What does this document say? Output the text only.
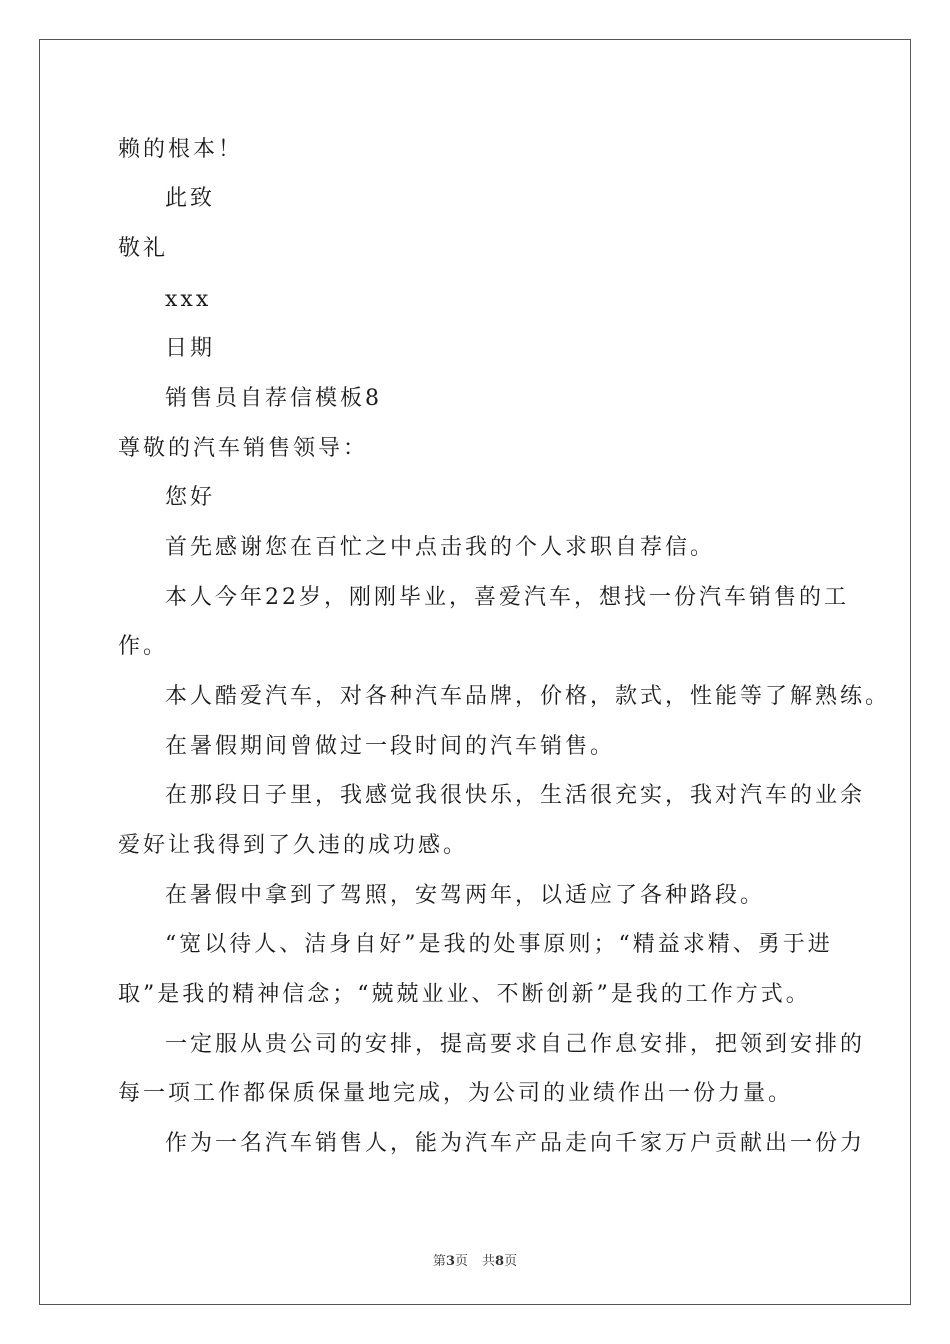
赖的根本！
此致
敬礼
xxx
日期
销售员自荐信模板8
尊敬的汽车销售领导：
您好
首先感谢您在百忙之中点击我的个人求职自荐信。
本人今年22岁，刚刚毕业，喜爱汽车，想找一份汽车销售的工
作。
本人酷爱汽车，对各种汽车品牌，价格，款式，性能等了解熟练。
在暑假期间曾做过一段时间的汽车销售。
在那段日子里，我感觉我很快乐，生活很充实，我对汽车的业余
爱好让我得到了久违的成功感。
在暑假中拿到了驾照，安驾两年，以适应了各种路段。
“宽以待人、洁身自好”是我的处事原则；“精益求精、勇于进
取”是我的精神信念；“兢兢业业、不断创新”是我的工作方式。
一定服从贵公司的安排，提高要求自己作息安排，把领到安排的
每一项工作都保质保量地完成，为公司的业绩作出一份力量。
作为一名汽车销售人，能为汽车产品走向千家万户贡献出一份力
第3页 共8页
